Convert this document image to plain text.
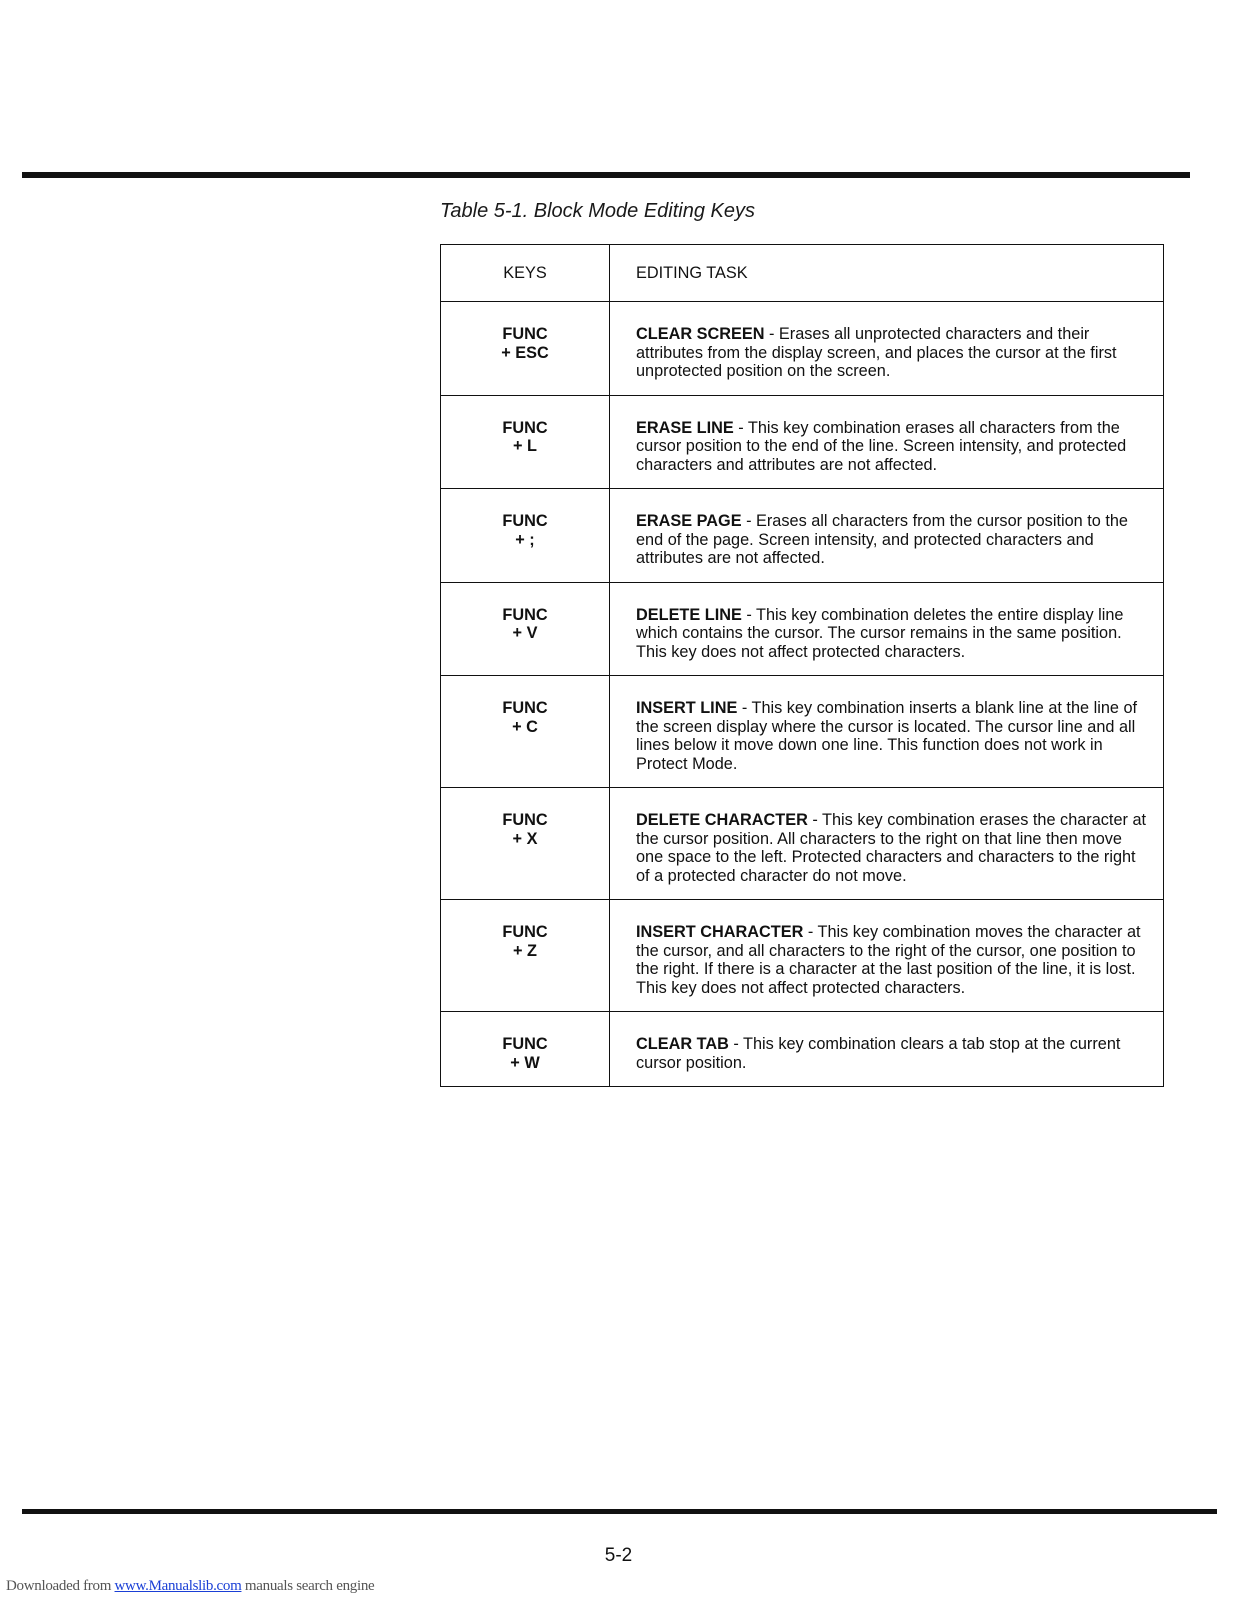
Table 5-1. Block Mode Editing Keys
KEYS	EDITING TASK

FUNC
+ ESC	CLEAR SCREEN - Erases all unprotected characters and their attributes from the display screen, and places the cursor at the first unprotected position on the screen.

FUNC
+ L	ERASE LINE - This key combination erases all characters from the cursor position to the end of the line. Screen intensity, and protected characters and attributes are not affected.

FUNC
+ ;	ERASE PAGE - Erases all characters from the cursor position to the end of the page. Screen intensity, and protected characters and attributes are not affected.

FUNC
+ V	DELETE LINE - This key combination deletes the entire display line which contains the cursor. The cursor remains in the same position. This key does not affect protected characters.

FUNC
+ C	INSERT LINE - This key combination inserts a blank line at the line of the screen display where the cursor is located. The cursor line and all lines below it move down one line. This function does not work in Protect Mode.

FUNC
+ X	DELETE CHARACTER - This key combination erases the character at the cursor position. All characters to the right on that line then move one space to the left. Protected characters and characters to the right of a protected character do not move.

FUNC
+ Z	INSERT CHARACTER - This key combination moves the character at the cursor, and all characters to the right of the cursor, one position to the right. If there is a character at the last position of the line, it is lost. This key does not affect protected characters.

FUNC
+ W	CLEAR TAB - This key combination clears a tab stop at the current cursor position.
5-2
Downloaded from www.Manualslib.com manuals search engine
